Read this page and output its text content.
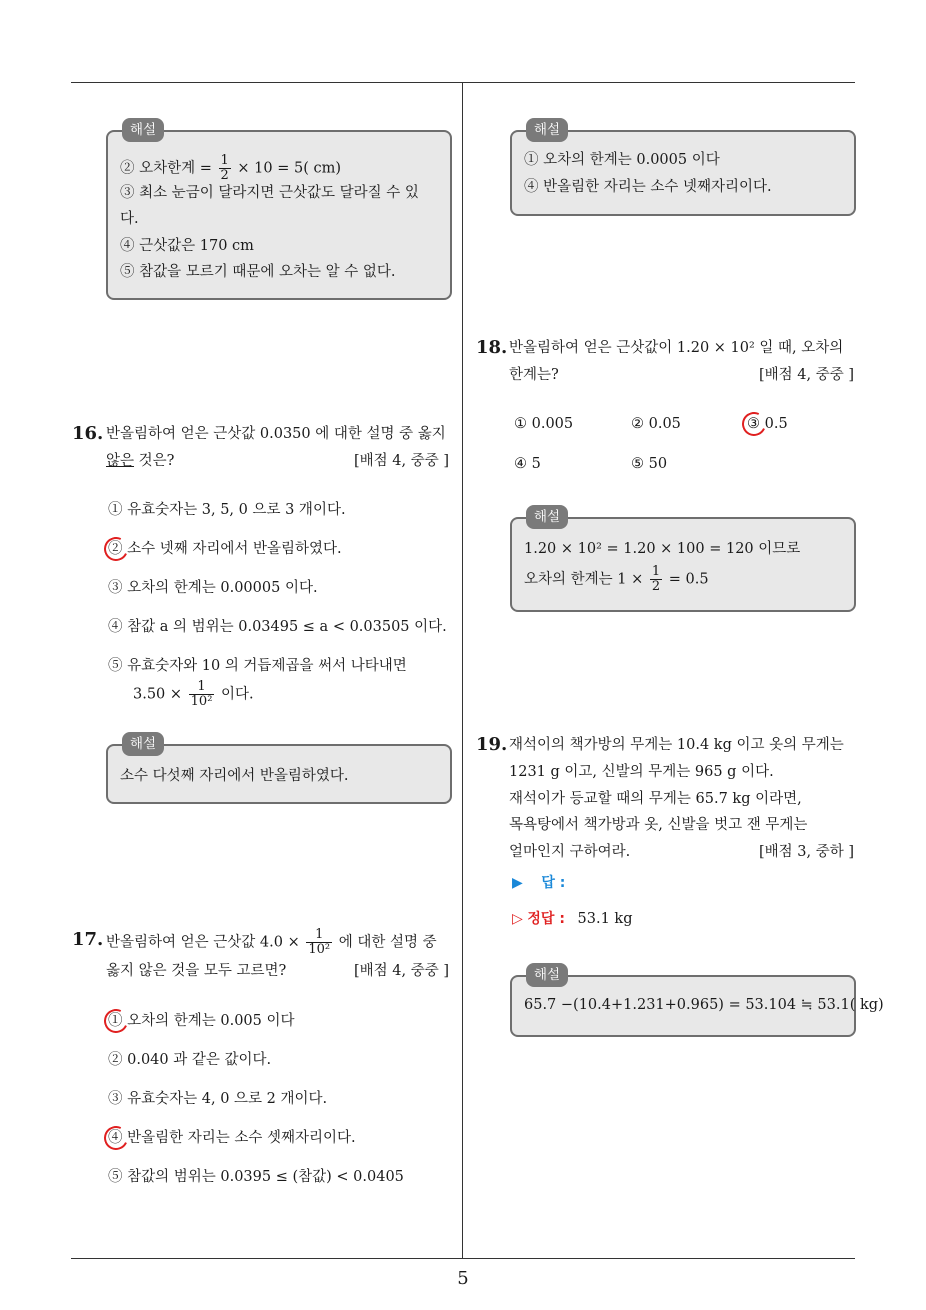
5
해설
② 오차한계 = $\frac{1}{2} \times 10 = 5$( cm)
③ 최소 눈금이 달라지면 근삿값도 달라질 수 있
다.
④ 근삿값은 170 cm
⑤ 참값을 모르기 때문에 오차는 알 수 없다.
16. 반올림하여 얻은 근삿값 0.0350 에 대한 설명 중 옳지
않은 것은?	[배점 4, 중중 ]
① 유효숫자는 3, 5, 0 으로 3 개이다.
② 소수 넷째 자리에서 반올림하였다.
③ 오차의 한계는 0.00005 이다.
④ 참값 a 의 범위는 0.03495 ≤ a < 0.03505 이다.
⑤ 유효숫자와 10 의 거듭제곱을 써서 나타내면
$3.50 \times \frac{1}{\text{10²}}$ 이다.
해설
소수 다섯째 자리에서 반올림하였다.
17. 반올림하여 얻은 근삿값 $4.0 \times \frac{1}{\text{10²}}$ 에 대한 설명 중
옳지 않은 것을 모두 고르면?	[배점 4, 중중 ]
① 오차의 한계는 0.005 이다
② 0.040 과 같은 값이다.
③ 유효숫자는 4, 0 으로 2 개이다.
④ 반올림한 자리는 소수 셋째자리이다.
⑤ 참값의 범위는 0.0395 ≤ (참값) < 0.0405
해설
① 오차의 한계는 0.0005 이다
④ 반올림한 자리는 소수 넷째자리이다.
18. 반올림하여 얻은 근삿값이 1.20 × 10² 일 때, 오차의
한계는?	[배점 4, 중중 ]
① 0.005	② 0.05	③ 0.5
④ 5	⑤ 50
해설
1.20 × 10² = 1.20 × 100 = 120 이므로
오차의 한계는 $1 \times \frac{1}{2} = 0.5$
19. 재석이의 책가방의 무게는 10.4 kg 이고 옷의 무게는
1231 g 이고, 신발의 무게는 965 g 이다.
재석이가 등교할 때의 무게는 65.7 kg 이라면,
목욕탕에서 책가방과 옷, 신발을 벗고 잰 무게는
얼마인지 구하여라.	[배점 3, 중하 ]
▶ 답 :
▷ 정답 : 53.1 kg
해설
65.7 −(10.4+1.231+0.965) = 53.104 ≒ 53.1( kg)
